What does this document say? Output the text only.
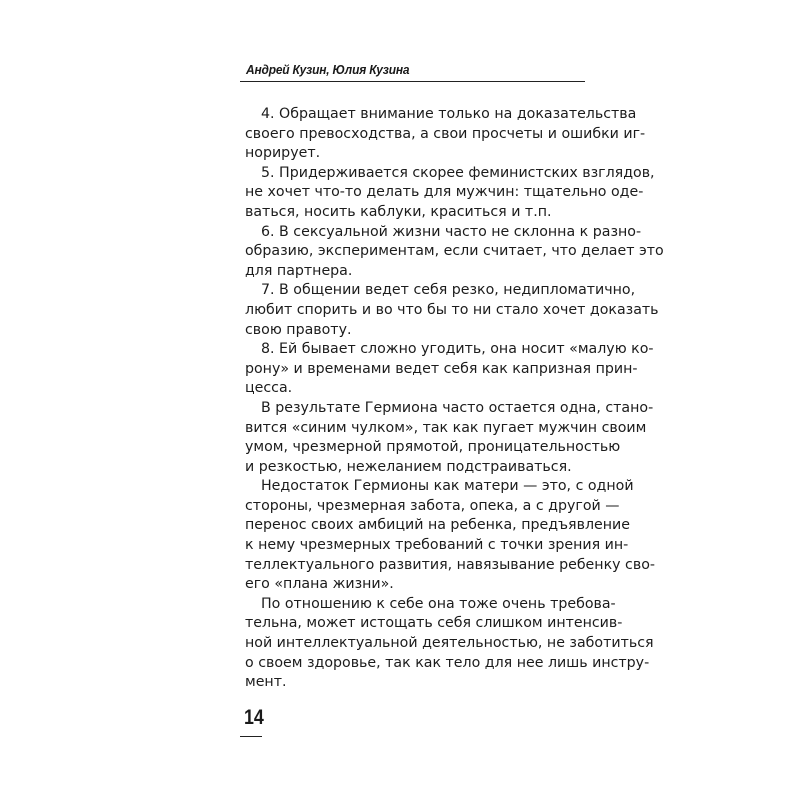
Андрей Кузин, Юлия Кузина
4. Обращает внимание только на доказательства
своего превосходства, а свои просчеты и ошибки иг-
норирует.
5. Придерживается скорее феминистских взглядов,
не хочет что-то делать для мужчин: тщательно оде-
ваться, носить каблуки, краситься и т.п.
6. В сексуальной жизни часто не склонна к разно-
образию, экспериментам, если считает, что делает это
для партнера.
7. В общении ведет себя резко, недипломатично,
любит спорить и во что бы то ни стало хочет доказать
свою правоту.
8. Ей бывает сложно угодить, она носит «малую ко-
рону» и временами ведет себя как капризная прин-
цесса.
В результате Гермиона часто остается одна, стано-
вится «синим чулком», так как пугает мужчин своим
умом, чрезмерной прямотой, проницательностью
и резкостью, нежеланием подстраиваться.
Недостаток Гермионы как матери — это, с одной
стороны, чрезмерная забота, опека, а с другой —
перенос своих амбиций на ребенка, предъявление
к нему чрезмерных требований с точки зрения ин-
теллектуального развития, навязывание ребенку сво-
его «плана жизни».
По отношению к себе она тоже очень требова-
тельна, может истощать себя слишком интенсив-
ной интеллектуальной деятельностью, не заботиться
о своем здоровье, так как тело для нее лишь инстру-
мент.
14
